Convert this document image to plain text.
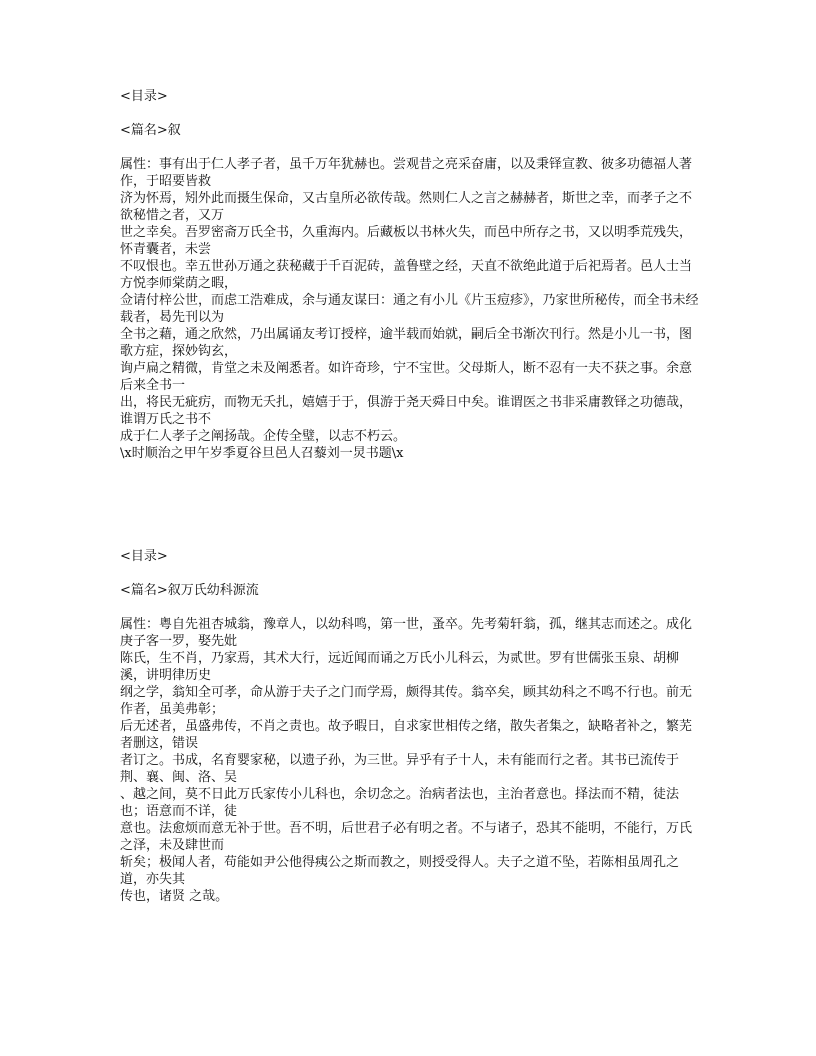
<目录>

<篇名>叙

属性：事有出于仁人孝子者，虽千万年犹赫也。尝观昔之亮采奋庸，以及秉铎宣教、彼多功德福人著作，于昭要皆救

济为怀焉，矧外此而摄生保命，又古皇所必欲传哉。然则仁人之言之赫赫者，斯世之幸，而孝子之不欲秘惜之者，又万

世之幸矣。吾罗密斋万氏全书，久重海内。后藏板以书林火失，而邑中所存之书，又以明季荒残失，怀青囊者，未尝

不叹恨也。幸五世孙万通之获秘藏于千百泥砖，盖鲁壁之经，天直不欲绝此道于后祀焉者。邑人士当方悦李师棠荫之暇，

佥请付梓公世，而虑工浩难成，余与通友谋曰：通之有小儿《片玉痘疹》，乃家世所秘传，而全书未经载者，曷先刊以为

全书之藉，通之欣然，乃出属诵友考订授梓，逾半载而始就，嗣后全书渐次刊行。然是小儿一书，图歌方症，探妙钩玄，

询卢扁之精微，肯堂之未及阐悉者。如许奇珍，宁不宝世。父母斯人，断不忍有一夫不获之事。余意后来全书一

出，将民无疵疠，而物无夭扎，嬉嬉于于，俱游于尧天舜日中矣。谁谓医之书非采庸教铎之功德哉，谁谓万氏之书不

成于仁人孝子之阐扬哉。企传全璧，以志不朽云。

\x时顺治之甲午岁季夏谷旦邑人召藜刘一炅书题\x

<目录>

<篇名>叙万氏幼科源流

属性：粤自先祖杏城翁，豫章人，以幼科鸣，第一世，蚤卒。先考菊轩翁，孤，继其志而述之。成化庚子客一罗，娶先妣

陈氏，生不肖，乃家焉，其术大行，远近闻而诵之万氏小儿科云，为贰世。罗有世儒张玉泉、胡柳溪，讲明律历史

纲之学，翁知全可孝，命从游于夫子之门而学焉，颇得其传。翁卒矣，顾其幼科之不鸣不行也。前无作者，虽美弗彰；

后无述者，虽盛弗传，不肖之责也。故予暇日，自求家世相传之绪，散失者集之，缺略者补之，繁芜者删这，错误

者订之。书成，名育婴家秘，以遗子孙，为三世。异乎有子十人，未有能而行之者。其书已流传于荆、襄、闽、洛、吴

、越之间，莫不日此万氏家传小儿科也，余切念之。治病者法也，主治者意也。择法而不精，徒法也；语意而不详，徒

意也。法愈烦而意无补于世。吾不明，后世君子必有明之者。不与诸子，恐其不能明，不能行，万氏之泽，未及肆世而

斩矣；极闻人者，苟能如尹公他得痍公之斯而教之，则授受得人。夫子之道不坠，若陈相虽周孔之道，亦失其

传也，诸贤 之哉。
